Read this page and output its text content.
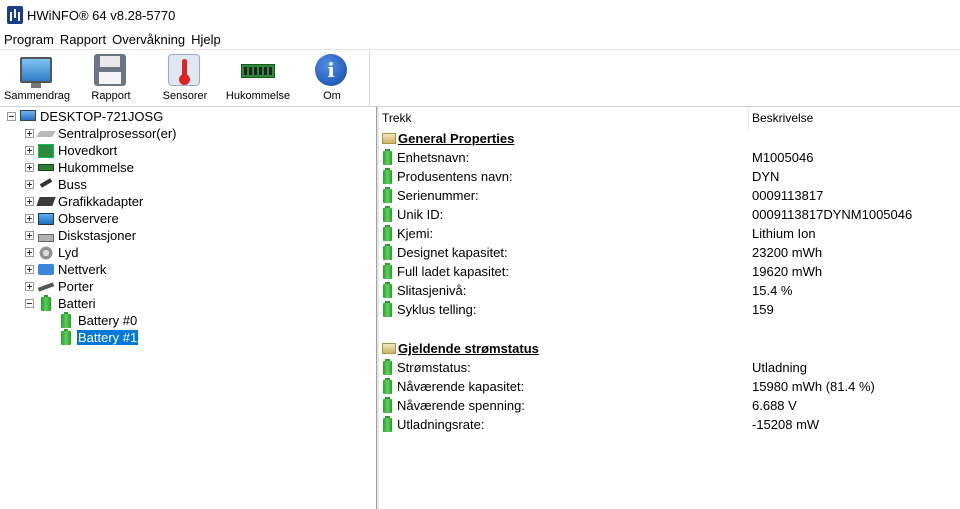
HWiNFO® 64 v8.28-5770
Program Rapport Overvåkning Hjelp
Sammendrag Rapport	Sensorer Hukommelse
i
Om
DESKTOP-721JOSG
Sentralprosessor(er)
Hovedkort
Hukommelse
Buss
Grafikkadapter
Observere
Diskstasjoner
Lyd
Nettverk
Porter
Batteri
Battery #0
Battery #1
Trekk	Beskrivelse
General Properties
Enhetsnavn:	M1005046
Produsentens navn:	DYN
Serienummer:	0009113817
Unik ID:	0009113817DYNM1005046
Kjemi:	Lithium Ion
Designet kapasitet:	23200 mWh
Full ladet kapasitet:	19620 mWh
Slitasjenivå:	15.4 %
Syklus telling:	159
Gjeldende strømstatus
Strømstatus:	Utladning
Nåværende kapasitet:	15980 mWh (81.4 %)
Nåværende spenning:	6.688 V
Utladningsrate:	-15208 mW
